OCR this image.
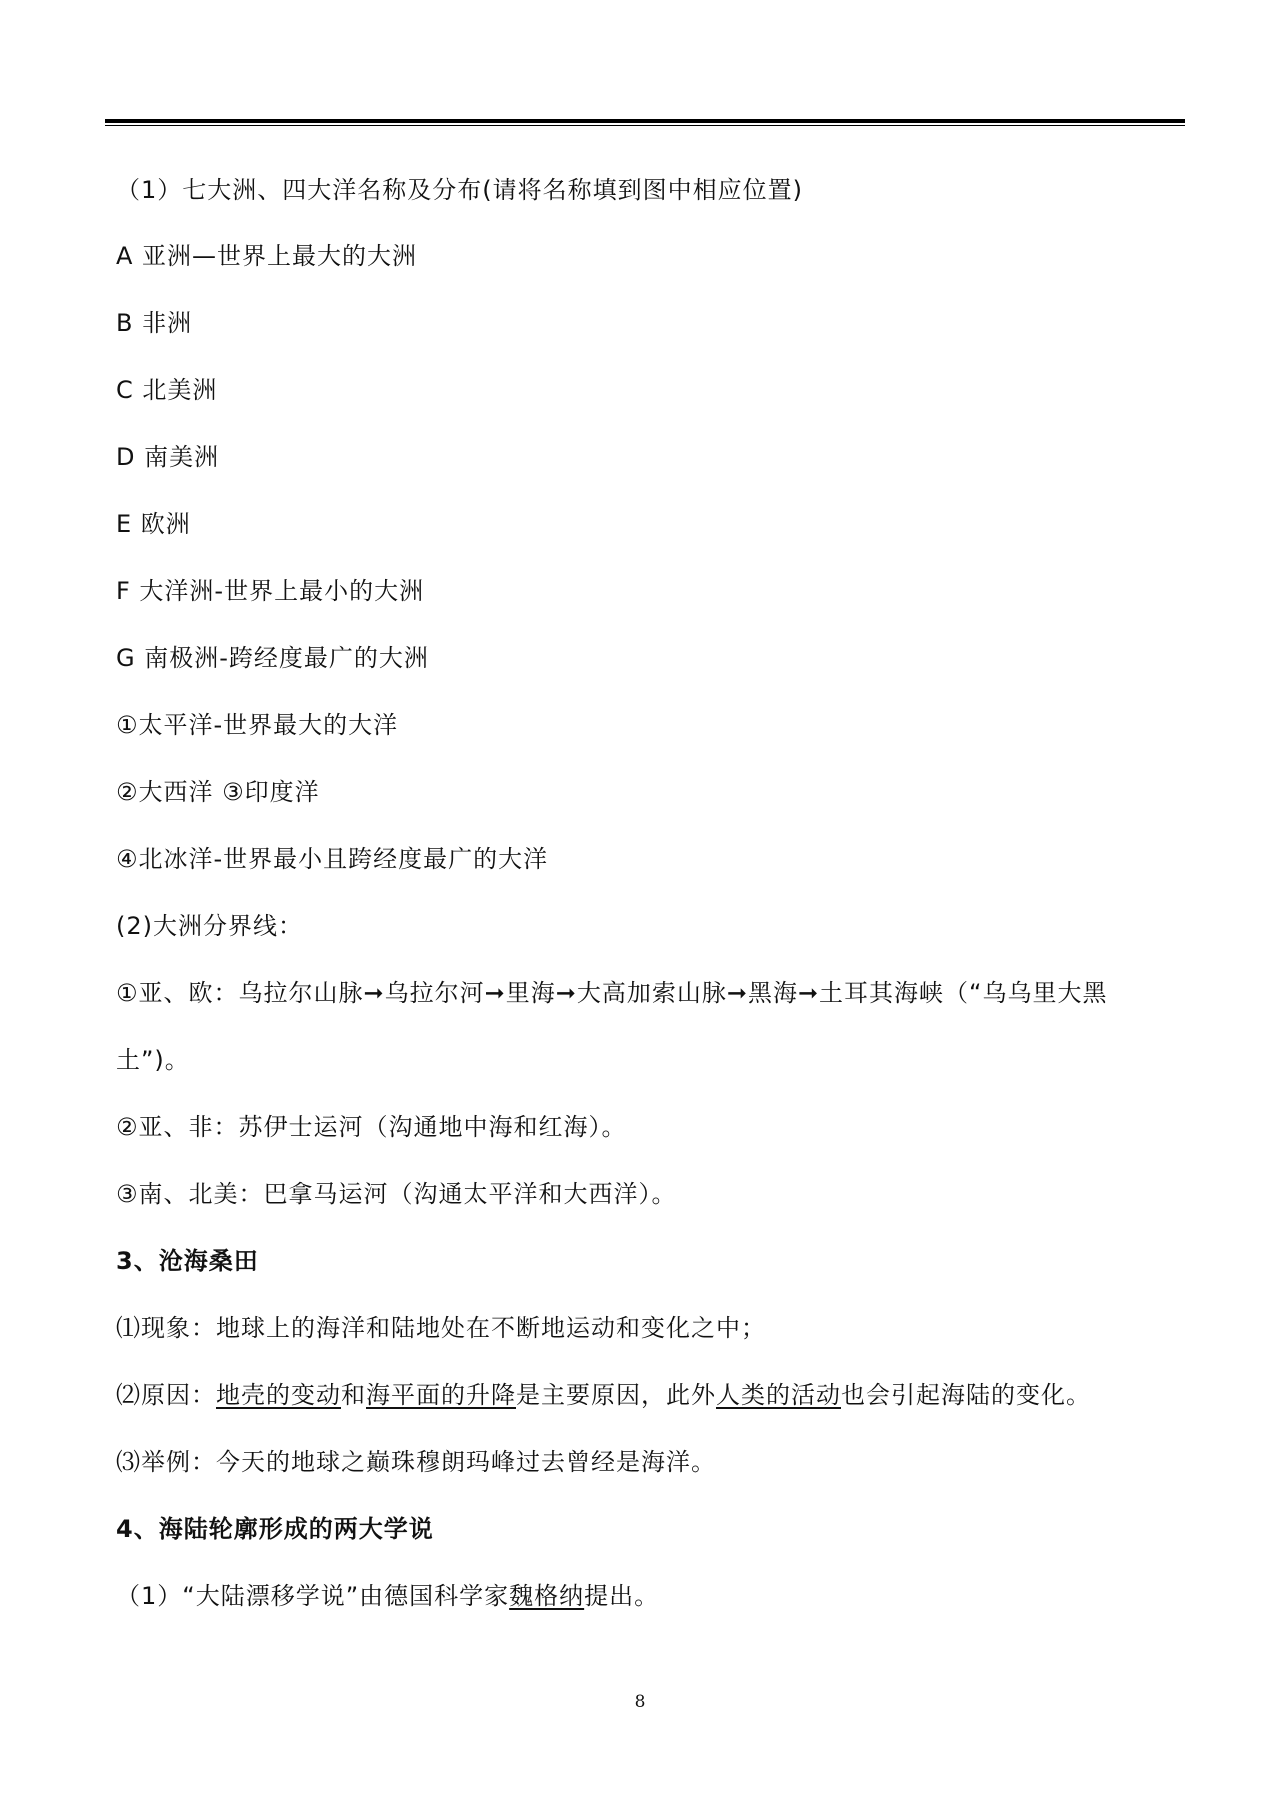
（1）七大洲、四大洋名称及分布(请将名称填到图中相应位置)
A 亚洲—世界上最大的大洲
B 非洲
C 北美洲
D 南美洲
E 欧洲
F 大洋洲-世界上最小的大洲
G 南极洲-跨经度最广的大洲
①太平洋-世界最大的大洋
②大西洋 ③印度洋
④北冰洋-世界最小且跨经度最广的大洋
(2)大洲分界线：
①亚、欧：乌拉尔山脉➞乌拉尔河➞里海➞大高加索山脉➞黑海➞土耳其海峡（“乌乌里大黑
土”)。
②亚、非：苏伊士运河（沟通地中海和红海）。
③南、北美：巴拿马运河（沟通太平洋和大西洋）。
3、沧海桑田
⑴现象：地球上的海洋和陆地处在不断地运动和变化之中；
⑵原因：地壳的变动和海平面的升降是主要原因，此外人类的活动也会引起海陆的变化。
⑶举例：今天的地球之巅珠穆朗玛峰过去曾经是海洋。
4、海陆轮廓形成的两大学说
（1）“大陆漂移学说”由德国科学家魏格纳提出。
8
